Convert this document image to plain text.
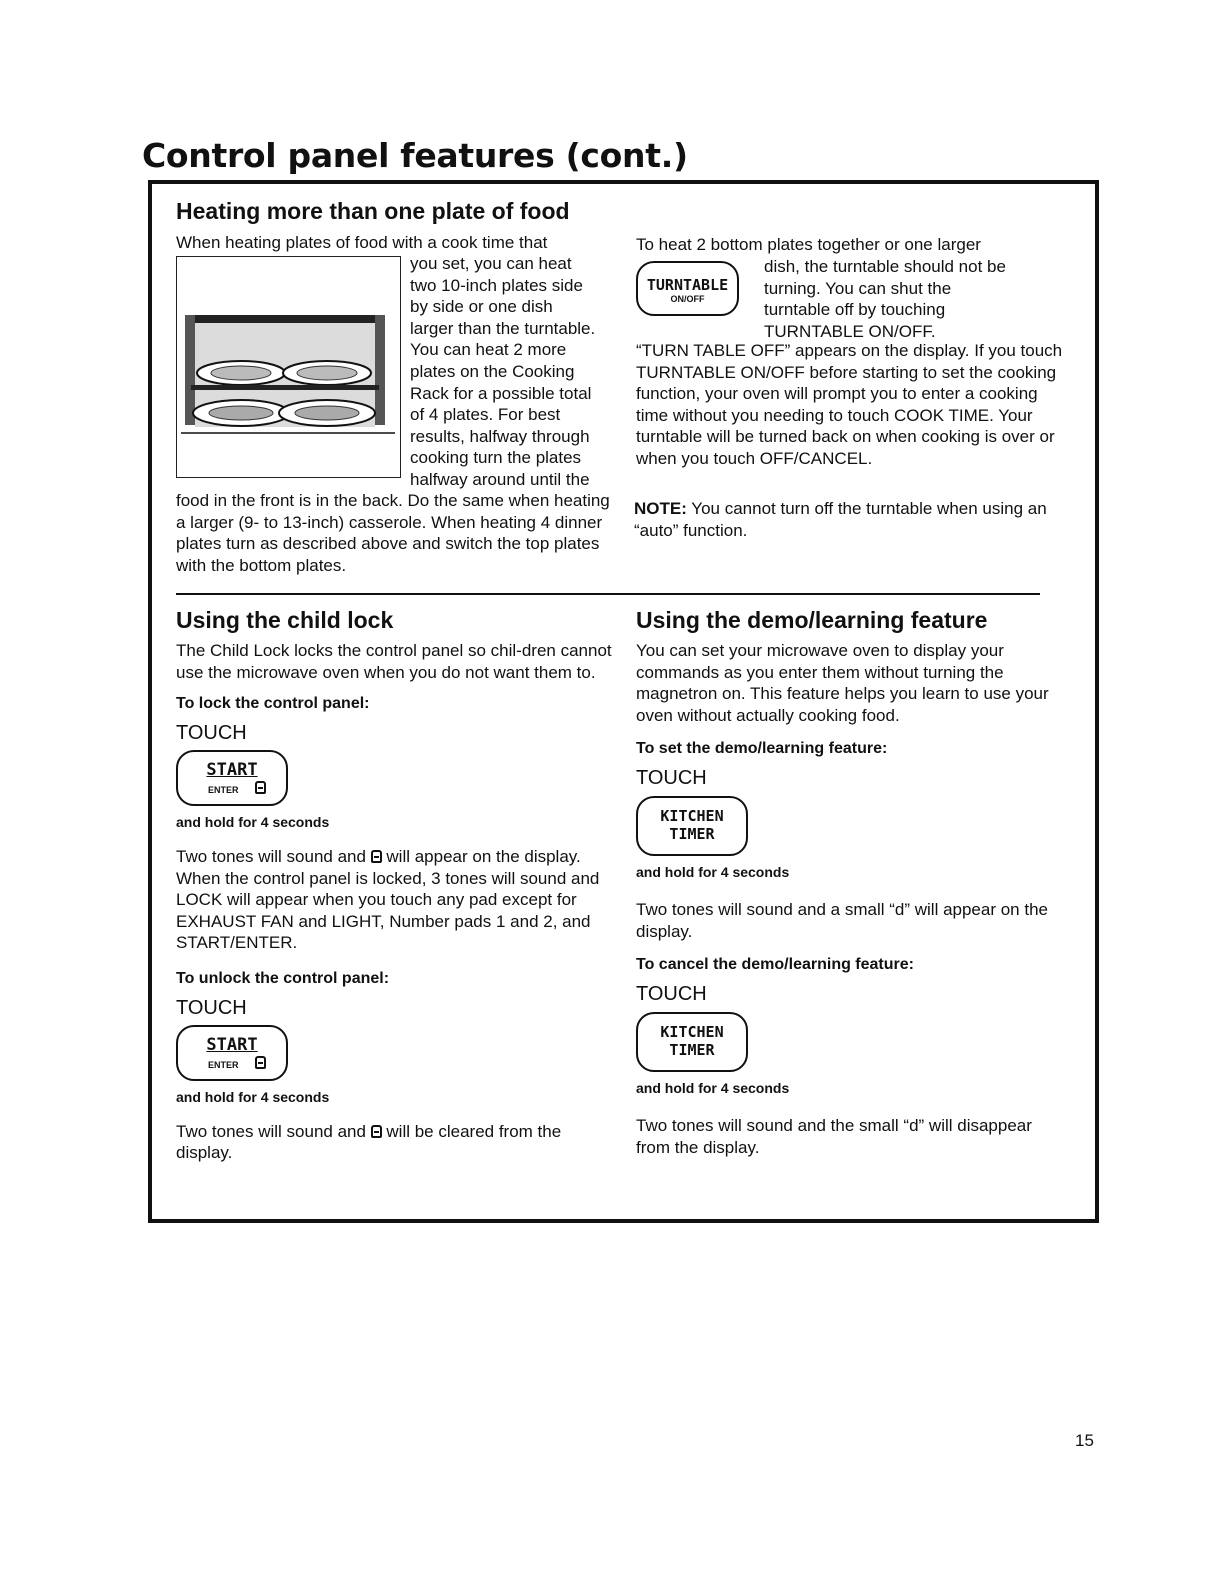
Control panel features (cont.)
Heating more than one plate of food

When heating plates of food with a cook time that

you set, you can heat

two 10-inch plates side

by side or one dish

larger than the turntable.

You can heat 2 more

plates on the Cooking

Rack for a possible total

of 4 plates. For best

results, halfway through

cooking turn the plates

halfway around until the

food in the front is in the back. Do the same when heating a larger (9- to 13-inch) casserole. When heating 4 dinner plates turn as described above and switch the top plates with the bottom plates.

To heat 2 bottom plates together or one larger

TURNTABLE
ON/OFF

dish, the turntable should not be

turning. You can shut the

turntable off by touching

TURNTABLE ON/OFF.

“TURN TABLE OFF” appears on the display. If you touch TURNTABLE ON/OFF before starting to set the cooking function, your oven will prompt you to enter a cooking time without you needing to touch COOK TIME. Your turntable will be turned back on when cooking is over or when you touch OFF/CANCEL.

NOTE: You cannot turn off the turntable when using an “auto” function.

Using the child lock

The Child Lock locks the control panel so chil-dren cannot use the microwave oven when you do not want them to.

To lock the control panel:

TOUCH

START
ENTER

and hold for 4 seconds

Two tones will sound and  will appear on the display. When the control panel is locked, 3 tones will sound and LOCK will appear when you touch any pad except for EXHAUST FAN and LIGHT, Number pads 1 and 2, and START/ENTER.

To unlock the control panel:

TOUCH

START
ENTER

and hold for 4 seconds

Two tones will sound and  will be cleared from the display.

Using the demo/learning feature

You can set your microwave oven to display your commands as you enter them without turning the magnetron on. This feature helps you learn to use your oven without actually cooking food.

To set the demo/learning feature:

TOUCH

KITCHEN
TIMER

and hold for 4 seconds

Two tones will sound and a small “d” will appear on the display.

To cancel the demo/learning feature:

TOUCH

KITCHEN
TIMER

and hold for 4 seconds

Two tones will sound and the small “d” will disappear from the display.

15
